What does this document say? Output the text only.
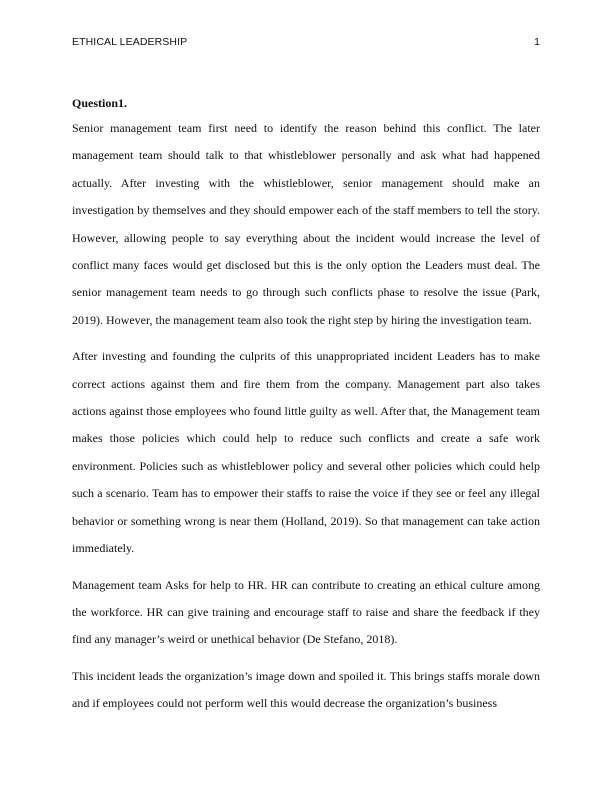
ETHICAL LEADERSHIP	1
Question1.

Senior management team first need to identify the reason behind this conflict. The later management team should talk to that whistleblower personally and ask what had happened actually. After investing with the whistleblower, senior management should make an investigation by themselves and they should empower each of the staff members to tell the story. However, allowing people to say everything about the incident would increase the level of conflict many faces would get disclosed but this is the only option the Leaders must deal. The senior management team needs to go through such conflicts phase to resolve the issue (Park, 2019). However, the management team also took the right step by hiring the investigation team.

After investing and founding the culprits of this unappropriated incident Leaders has to make correct actions against them and fire them from the company. Management part also takes actions against those employees who found little guilty as well. After that, the Management team makes those policies which could help to reduce such conflicts and create a safe work environment. Policies such as whistleblower policy and several other policies which could help such a scenario. Team has to empower their staffs to raise the voice if they see or feel any illegal behavior or something wrong is near them (Holland, 2019). So that management can take action immediately.

Management team Asks for help to HR. HR can contribute to creating an ethical culture among the workforce. HR can give training and encourage staff to raise and share the feedback if they find any manager’s weird or unethical behavior (De Stefano, 2018).

This incident leads the organization’s image down and spoiled it. This brings staffs morale down and if employees could not perform well this would decrease the organization’s business
